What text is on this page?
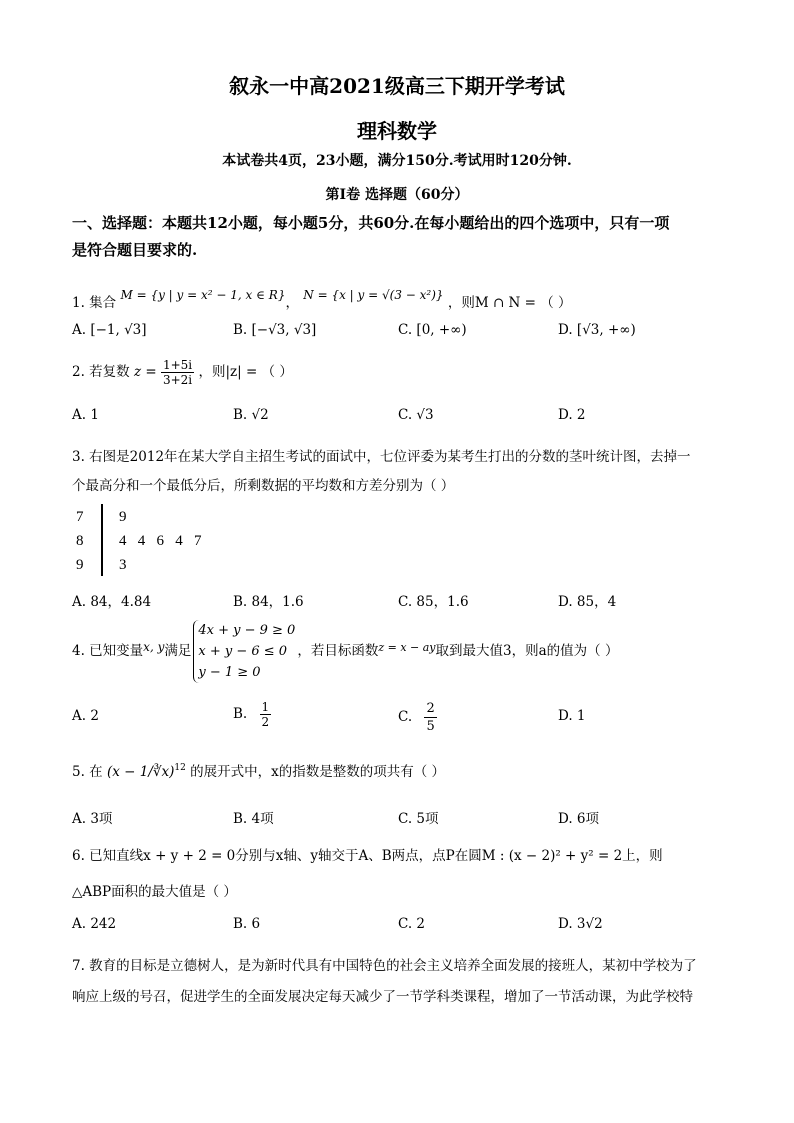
叙永一中高2021级高三下期开学考试
理科数学
本试卷共4页，23小题，满分150分.考试用时120分钟.
第Ⅰ卷 选择题（60分）
一、选择题：本题共12小题，每小题5分，共60分.在每小题给出的四个选项中，只有一项
是符合题目要求的.
1. 集合 M = {y | y = x² − 1, x ∈ R}， N = {x | y = √(3 − x²)} ，则M ∩ N = （ ）
A. [−1, √3]	B. [−√3, √3]	C. [0, +∞)	D. [√3, +∞)
2. 若复数 $z = \frac{1+5i}{3+2i}$ ，则|z| = （ ）
A. 1	B. √2	C. √3	D. 2
3. 右图是2012年在某大学自主招生考试的面试中，七位评委为某考生打出的分数的茎叶统计图，去掉一
个最高分和一个最低分后，所剩数据的平均数和方差分别为（ ）
7 9
8 4   4   6   4   7
9 3
A. 84，4.84	B. 84，1.6	C. 85，1.6	D. 85，4
4. 已知变量x, y满足
4x + y − 9 ≥ 0
x + y − 6 ≤ 0
y − 1 ≥ 0
，若目标函数$^{z = x - ay}$取到最大值3，则a的值为（ ）
A. 2	B. $\frac{1}{2}$	C. $\frac{2}{5}$	D. 1
5. 在 (x − 1/∛x)$^{12}$ 的展开式中，x的指数是整数的项共有（ ）
A. 3项	B. 4项	C. 5项	D. 6项
6. 已知直线x + y + 2 = 0分别与x轴、y轴交于A、B两点，点P在圆M : (x − 2)² + y² = 2上，则
△ABP面积的最大值是（ ）
A. 242	B. 6	C. 2	D. 3√2
7. 教育的目标是立德树人，是为新时代具有中国特色的社会主义培养全面发展的接班人，某初中学校为了
响应上级的号召，促进学生的全面发展决定每天减少了一节学科类课程，增加了一节活动课，为此学校特
